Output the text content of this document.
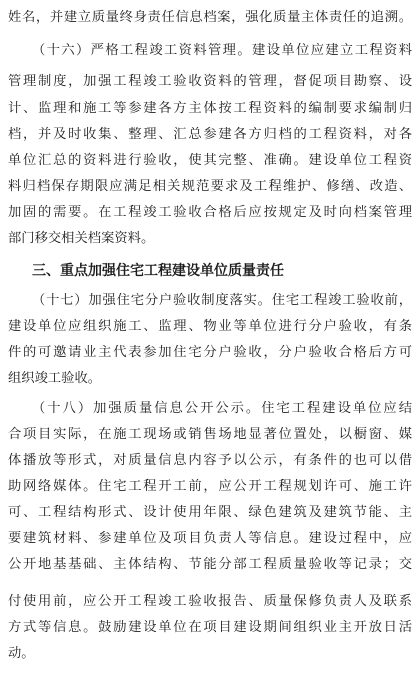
姓名，并建立质量终身责任信息档案，强化质量主体责任的追溯。
（十六）严格工程竣工资料管理。建设单位应建立工程资料
管理制度，加强工程竣工验收资料的管理，督促项目勘察、设
计、监理和施工等参建各方主体按工程资料的编制要求编制归
档，并及时收集、整理、汇总参建各方归档的工程资料，对各
单位汇总的资料进行验收，使其完整、准确。建设单位工程资
料归档保存期限应满足相关规范要求及工程维护、修缮、改造、
加固的需要。在工程竣工验收合格后应按规定及时向档案管理
部门移交相关档案资料。
三、重点加强住宅工程建设单位质量责任
（十七）加强住宅分户验收制度落实。住宅工程竣工验收前，
建设单位应组织施工、监理、物业等单位进行分户验收，有条
件的可邀请业主代表参加住宅分户验收，分户验收合格后方可
组织竣工验收。
（十八）加强质量信息公开公示。住宅工程建设单位应结
合项目实际，在施工现场或销售场地显著位置处，以橱窗、媒
体播放等形式，对质量信息内容予以公示，有条件的也可以借
助网络媒体。住宅工程开工前，应公开工程规划许可、施工许
可、工程结构形式、设计使用年限、绿色建筑及建筑节能、主
要建筑材料、参建单位及项目负责人等信息。建设过程中，应
公开地基基础、主体结构、节能分部工程质量验收等记录；交
付使用前，应公开工程竣工验收报告、质量保修负责人及联系
方式等信息。鼓励建设单位在项目建设期间组织业主开放日活
动。
